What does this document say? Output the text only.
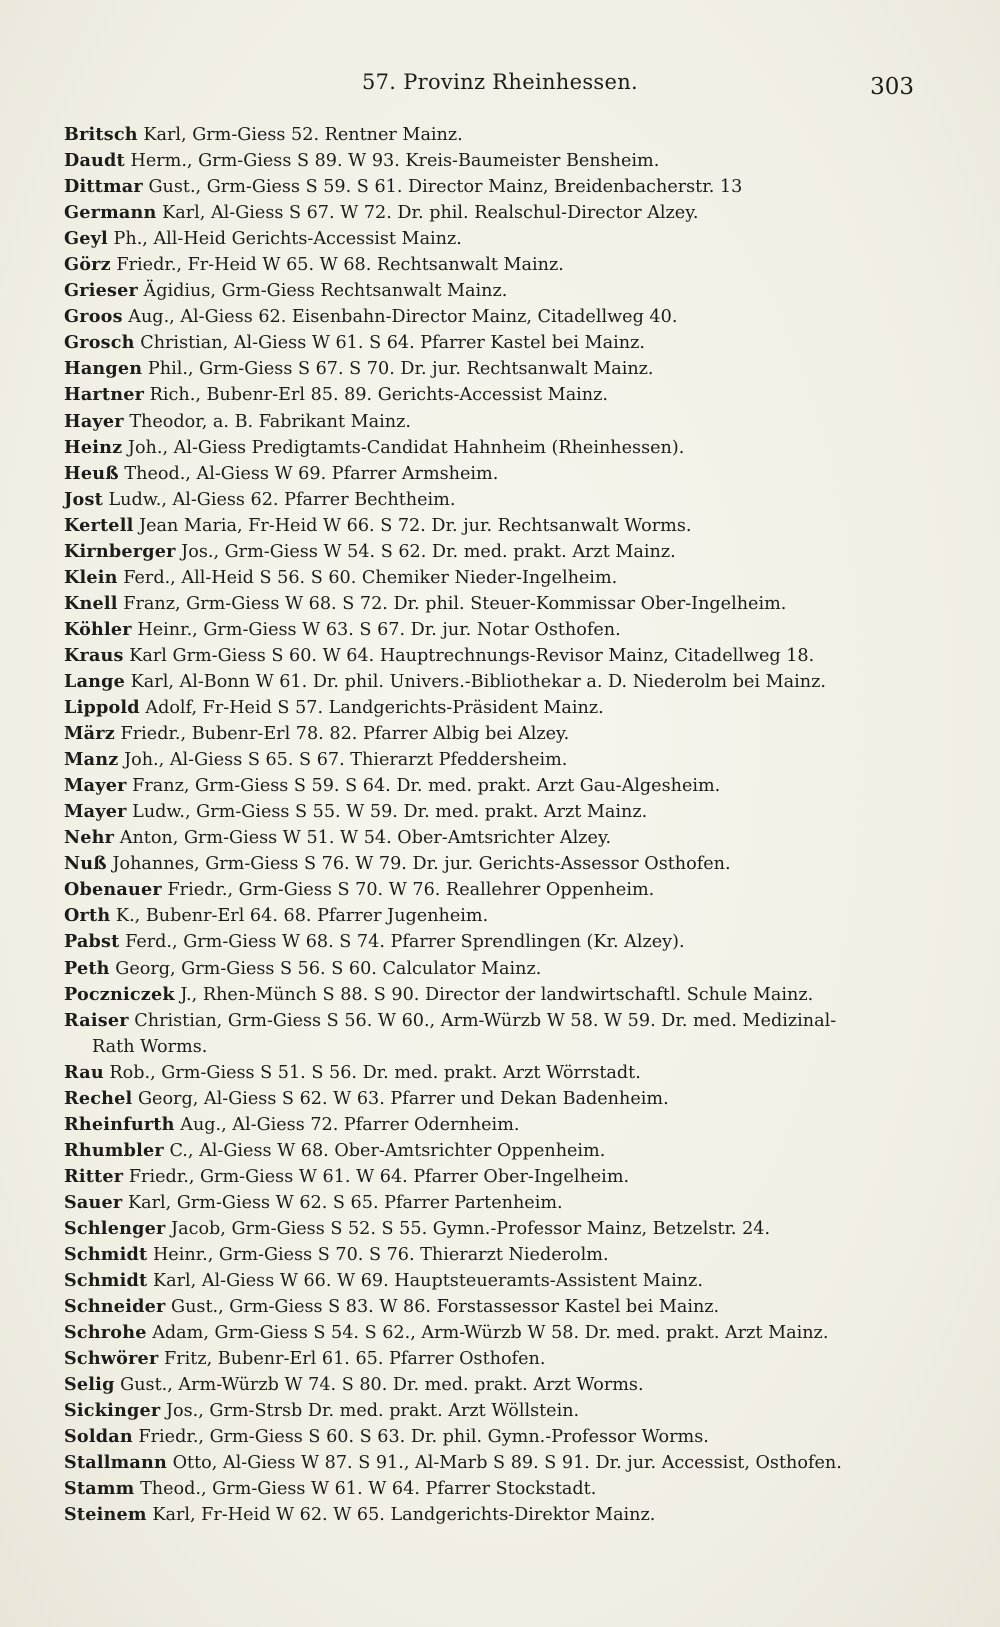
57. Provinz Rheinhessen.	303
Britsch Karl, Grm-Giess 52. Rentner Mainz.
Daudt Herm., Grm-Giess S 89. W 93. Kreis-Baumeister Bensheim.
Dittmar Gust., Grm-Giess S 59. S 61. Director Mainz, Breidenbacherstr. 13
Germann Karl, Al-Giess S 67. W 72. Dr. phil. Realschul-Director Alzey.
Geyl Ph., All-Heid Gerichts-Accessist Mainz.
Görz Friedr., Fr-Heid W 65. W 68. Rechtsanwalt Mainz.
Grieser Ägidius, Grm-Giess Rechtsanwalt Mainz.
Groos Aug., Al-Giess 62. Eisenbahn-Director Mainz, Citadellweg 40.
Grosch Christian, Al-Giess W 61. S 64. Pfarrer Kastel bei Mainz.
Hangen Phil., Grm-Giess S 67. S 70. Dr. jur. Rechtsanwalt Mainz.
Hartner Rich., Bubenr-Erl 85. 89. Gerichts-Accessist Mainz.
Hayer Theodor, a. B. Fabrikant Mainz.
Heinz Joh., Al-Giess Predigtamts-Candidat Hahnheim (Rheinhessen).
Heuß Theod., Al-Giess W 69. Pfarrer Armsheim.
Jost Ludw., Al-Giess 62. Pfarrer Bechtheim.
Kertell Jean Maria, Fr-Heid W 66. S 72. Dr. jur. Rechtsanwalt Worms.
Kirnberger Jos., Grm-Giess W 54. S 62. Dr. med. prakt. Arzt Mainz.
Klein Ferd., All-Heid S 56. S 60. Chemiker Nieder-Ingelheim.
Knell Franz, Grm-Giess W 68. S 72. Dr. phil. Steuer-Kommissar Ober-Ingelheim.
Köhler Heinr., Grm-Giess W 63. S 67. Dr. jur. Notar Osthofen.
Kraus Karl Grm-Giess S 60. W 64. Hauptrechnungs-Revisor Mainz, Citadellweg 18.
Lange Karl, Al-Bonn W 61. Dr. phil. Univers.-Bibliothekar a. D. Niederolm bei Mainz.
Lippold Adolf, Fr-Heid S 57. Landgerichts-Präsident Mainz.
März Friedr., Bubenr-Erl 78. 82. Pfarrer Albig bei Alzey.
Manz Joh., Al-Giess S 65. S 67. Thierarzt Pfeddersheim.
Mayer Franz, Grm-Giess S 59. S 64. Dr. med. prakt. Arzt Gau-Algesheim.
Mayer Ludw., Grm-Giess S 55. W 59. Dr. med. prakt. Arzt Mainz.
Nehr Anton, Grm-Giess W 51. W 54. Ober-Amtsrichter Alzey.
Nuß Johannes, Grm-Giess S 76. W 79. Dr. jur. Gerichts-Assessor Osthofen.
Obenauer Friedr., Grm-Giess S 70. W 76. Reallehrer Oppenheim.
Orth K., Bubenr-Erl 64. 68. Pfarrer Jugenheim.
Pabst Ferd., Grm-Giess W 68. S 74. Pfarrer Sprendlingen (Kr. Alzey).
Peth Georg, Grm-Giess S 56. S 60. Calculator Mainz.
Poczniczek J., Rhen-Münch S 88. S 90. Director der landwirtschaftl. Schule Mainz.
Raiser Christian, Grm-Giess S 56. W 60., Arm-Würzb W 58. W 59. Dr. med. Medizinal-
Rath Worms.
Rau Rob., Grm-Giess S 51. S 56. Dr. med. prakt. Arzt Wörrstadt.
Rechel Georg, Al-Giess S 62. W 63. Pfarrer und Dekan Badenheim.
Rheinfurth Aug., Al-Giess 72. Pfarrer Odernheim.
Rhumbler C., Al-Giess W 68. Ober-Amtsrichter Oppenheim.
Ritter Friedr., Grm-Giess W 61. W 64. Pfarrer Ober-Ingelheim.
Sauer Karl, Grm-Giess W 62. S 65. Pfarrer Partenheim.
Schlenger Jacob, Grm-Giess S 52. S 55. Gymn.-Professor Mainz, Betzelstr. 24.
Schmidt Heinr., Grm-Giess S 70. S 76. Thierarzt Niederolm.
Schmidt Karl, Al-Giess W 66. W 69. Hauptsteueramts-Assistent Mainz.
Schneider Gust., Grm-Giess S 83. W 86. Forstassessor Kastel bei Mainz.
Schrohe Adam, Grm-Giess S 54. S 62., Arm-Würzb W 58. Dr. med. prakt. Arzt Mainz.
Schwörer Fritz, Bubenr-Erl 61. 65. Pfarrer Osthofen.
Selig Gust., Arm-Würzb W 74. S 80. Dr. med. prakt. Arzt Worms.
Sickinger Jos., Grm-Strsb Dr. med. prakt. Arzt Wöllstein.
Soldan Friedr., Grm-Giess S 60. S 63. Dr. phil. Gymn.-Professor Worms.
Stallmann Otto, Al-Giess W 87. S 91., Al-Marb S 89. S 91. Dr. jur. Accessist, Osthofen.
Stamm Theod., Grm-Giess W 61. W 64. Pfarrer Stockstadt.
Steinem Karl, Fr-Heid W 62. W 65. Landgerichts-Direktor Mainz.
